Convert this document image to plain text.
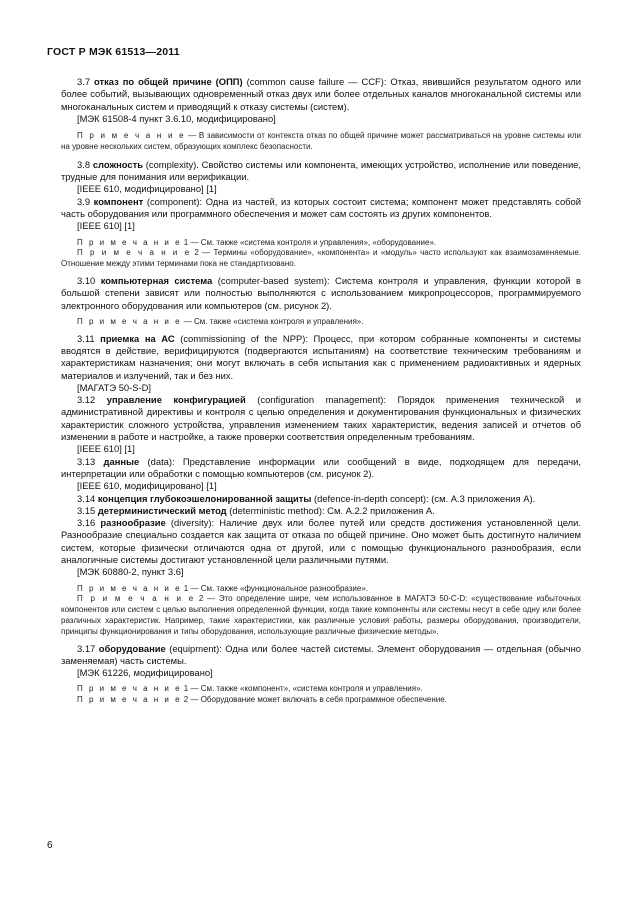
ГОСТ Р МЭК 61513—2011

3.7 отказ по общей причине (ОПП) (common cause failure — CCF): Отказ, явившийся результатом одного или более событий, вызывающих одновременный отказ двух или более отдельных каналов многоканальной системы или многоканальных систем и приводящий к отказу системы (систем).

[МЭК 61508-4 пункт 3.6.10, модифицировано]

П р и м е ч а н и е — В зависимости от контекста отказ по общей причине может рассматриваться на уровне системы или на уровне нескольких систем, образующих комплекс безопасности.

3.8 сложность (complexity). Свойство системы или компонента, имеющих устройство, исполнение или поведение, трудные для понимания или верификации.

[IEEE 610, модифицировано] [1]

3.9 компонент (component): Одна из частей, из которых состоит система; компонент может представлять собой часть оборудования или программного обеспечения и может сам состоять из других компонентов.

[IEEE 610] [1]

П р и м е ч а н и е 1 — См. также «система контроля и управления», «оборудование».

П р и м е ч а н и е 2 — Термины «оборудование», «компонента» и «модуль» часто используют как взаимозаменяемые. Отношение между этими терминами пока не стандартизовано.

3.10 компьютерная система (computer-based system): Система контроля и управления, функции которой в большой степени зависят или полностью выполняются с использованием микропроцессоров, программируемого электронного оборудования или компьютеров (см. рисунок 2).

П р и м е ч а н и е — См. также «система контроля и управления».

3.11 приемка на АС (commissioning of the NPP): Процесс, при котором собранные компоненты и системы вводятся в действие, верифицируются (подвергаются испытаниям) на соответствие техническим требованиям и характеристикам назначения; они могут включать в себя испытания как с применением радиоактивных и ядерных материалов и излучений, так и без них.

[МАГАТЭ 50-S-D]

3.12 управление конфигурацией (configuration management): Порядок применения технической и административной директивы и контроля с целью определения и документирования функциональных и физических характеристик сложного устройства, управления изменением таких характеристик, ведения записей и отчетов об изменении в работе и настройке, а также проверки соответствия определенным требованиям.

[IEEE 610] [1]

3.13 данные (data): Представление информации или сообщений в виде, подходящем для передачи, интерпретации или обработки с помощью компьютеров (см. рисунок 2).

[IEEE 610, модифицировано] [1]

3.14 концепция глубокоэшелонированной защиты (defence-in-depth concept): (см. А.3 приложения А).

3.15 детерминистический метод (deterministic method): См. А.2.2 приложения А.

3.16 разнообразие (diversity): Наличие двух или более путей или средств достижения установленной цели. Разнообразие специально создается как защита от отказа по общей причине. Оно может быть достигнуто наличием систем, которые физически отличаются одна от другой, или с помощью функционального разнообразия, если аналогичные системы достигают установленной цели различными путями.

[МЭК 60880-2, пункт 3.6]

П р и м е ч а н и е 1 — См. также «функциональное разнообразие».

П р и м е ч а н и е 2 — Это определение шире, чем использованное в МАГАТЭ 50-С-D: «существование избыточных компонентов или систем с целью выполнения определенной функции, когда такие компоненты или системы несут в себе одну или более различных характеристик. Например, такие характеристики, как различные условия работы, размеры оборудования, производители, принципы функционирования и типы оборудования, использующие различные физические методы».

3.17 оборудование (equipment): Одна или более частей системы. Элемент оборудования — отдельная (обычно заменяемая) часть системы.

[МЭК 61226, модифицировано]

П р и м е ч а н и е 1 — См. также «компонент», «система контроля и управления».

П р и м е ч а н и е 2 — Оборудование может включать в себя программное обеспечение.

6
